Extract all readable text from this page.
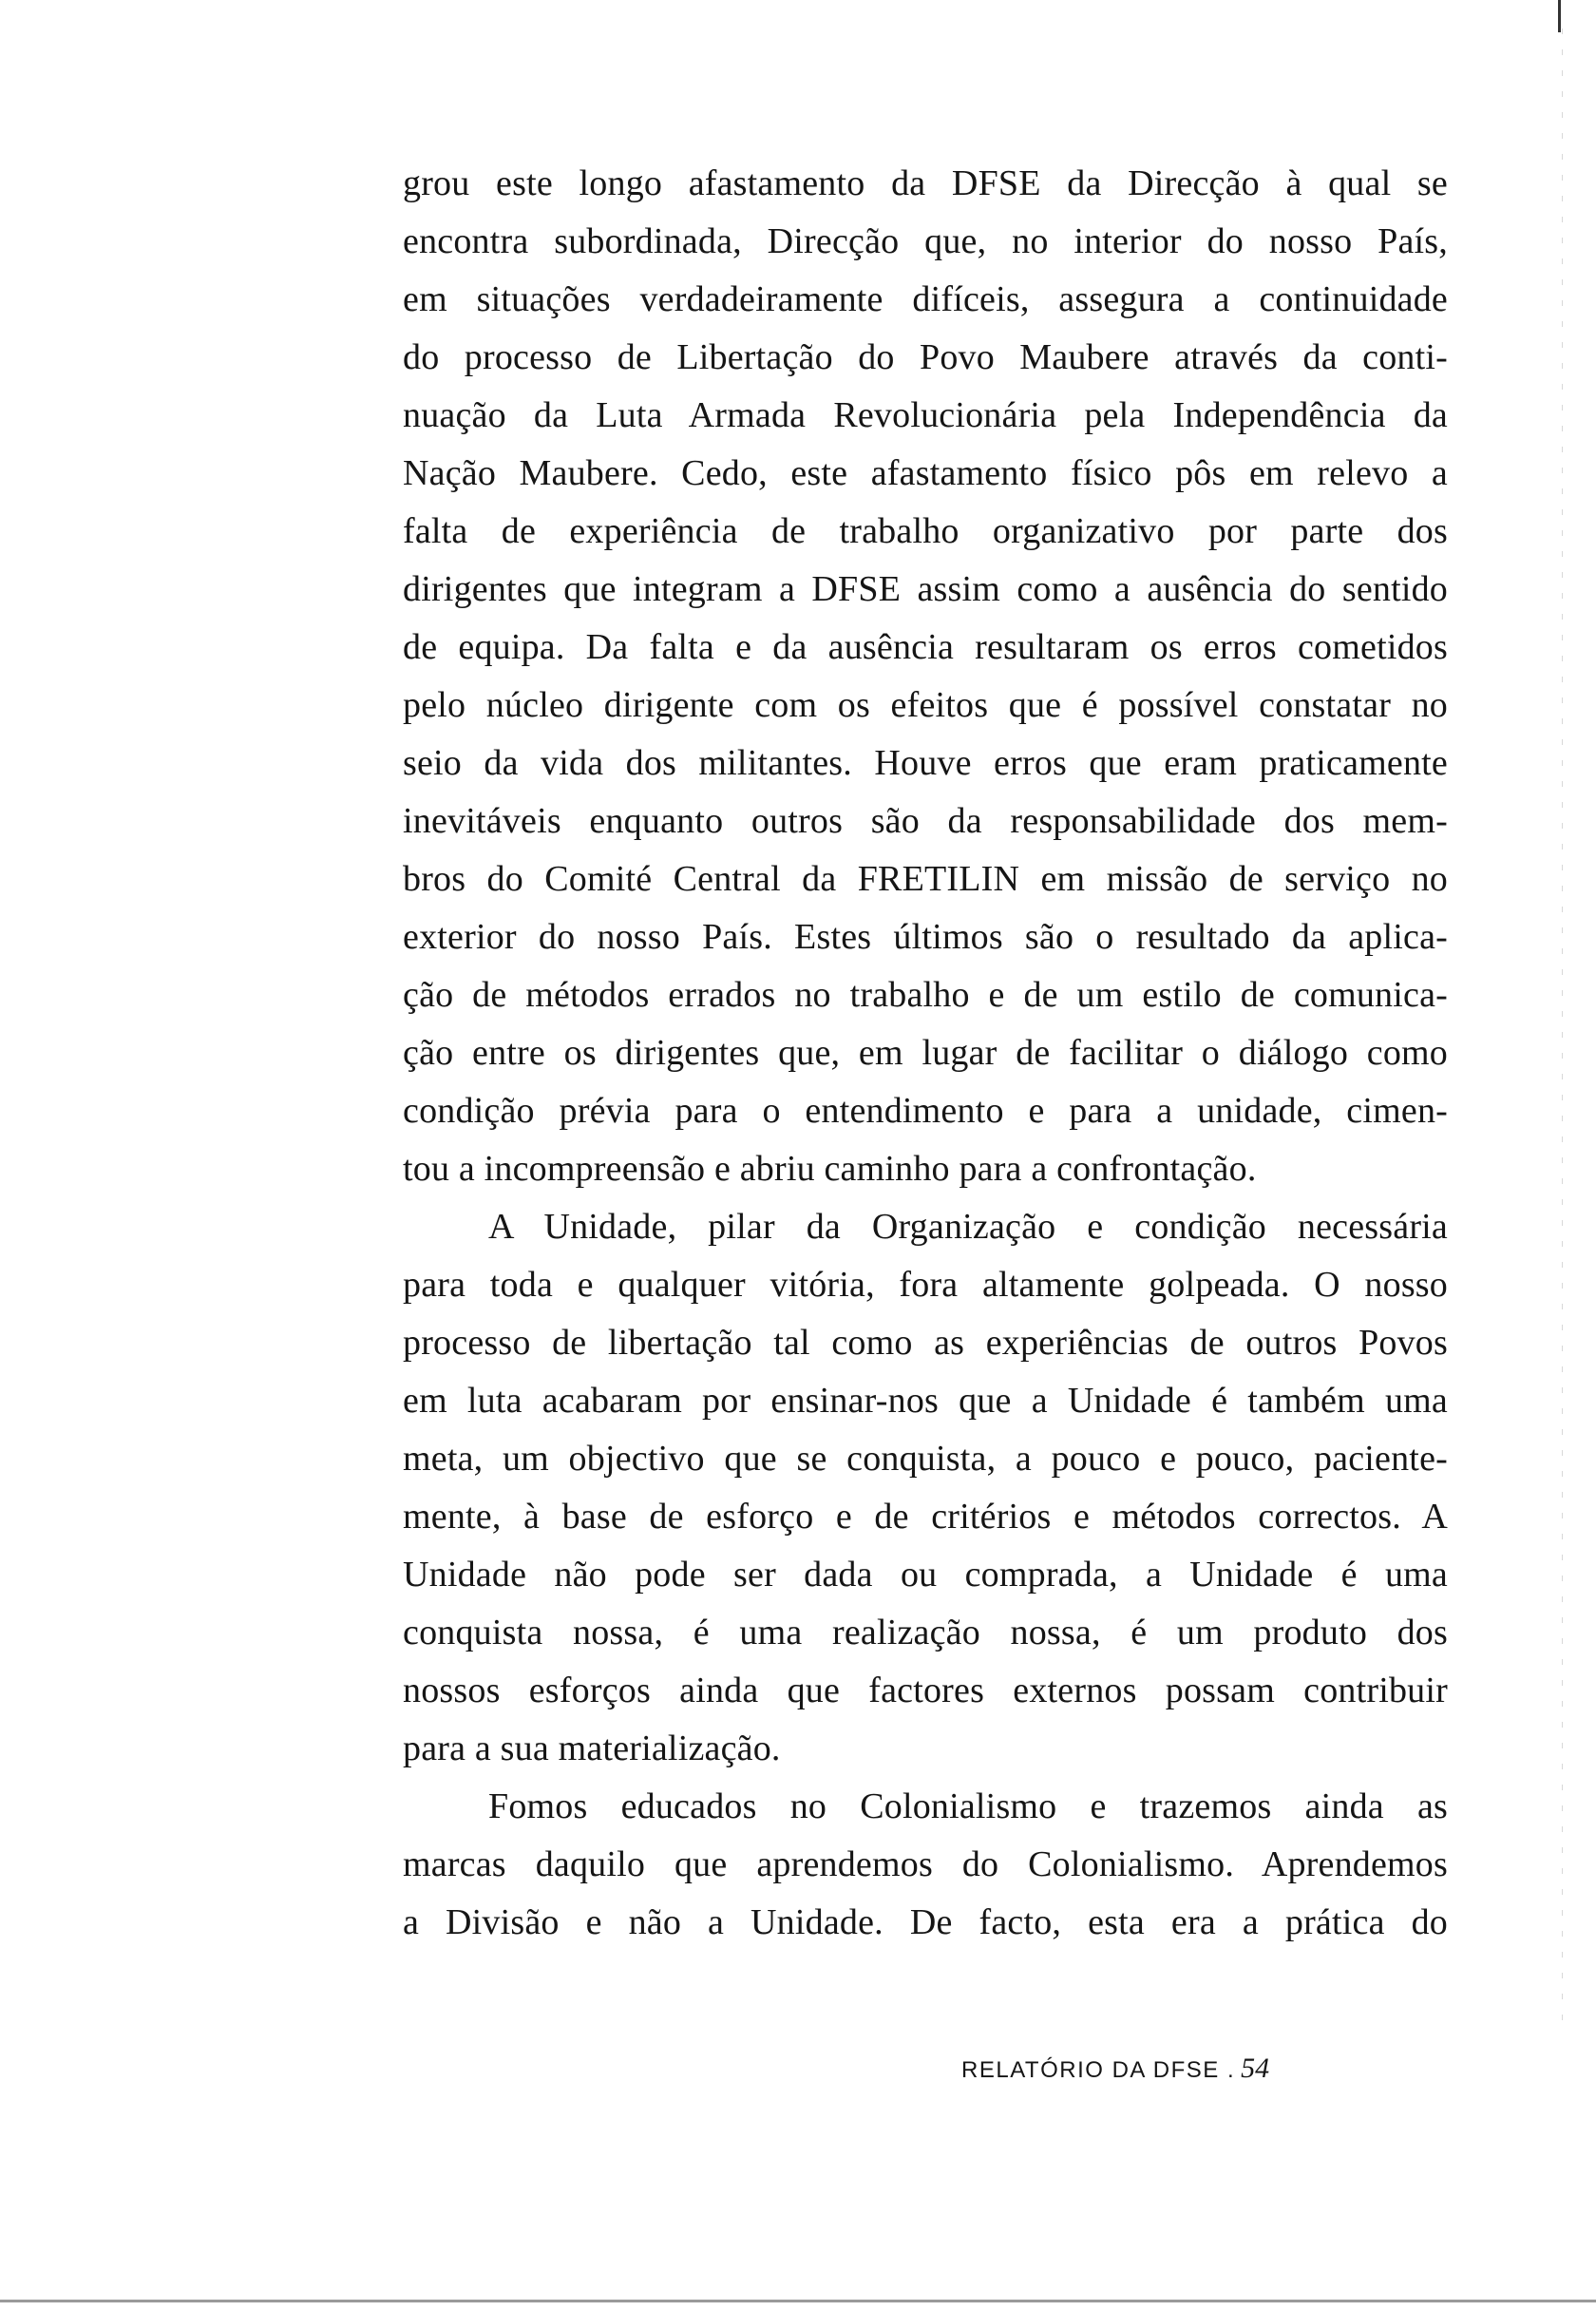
grou este longo afastamento da DFSE da Direcção à qual se
encontra subordinada, Direcção que, no interior do nosso País,
em situações verdadeiramente difíceis, assegura a continuidade
do processo de Libertação do Povo Maubere através da conti-
nuação da Luta Armada Revolucionária pela Independência da
Nação Maubere. Cedo, este afastamento físico pôs em relevo a
falta de experiência de trabalho organizativo por parte dos
dirigentes que integram a DFSE assim como a ausência do sentido
de equipa. Da falta e da ausência resultaram os erros cometidos
pelo núcleo dirigente com os efeitos que é possível constatar no
seio da vida dos militantes. Houve erros que eram praticamente
inevitáveis enquanto outros são da responsabilidade dos mem-
bros do Comité Central da FRETILIN em missão de serviço no
exterior do nosso País. Estes últimos são o resultado da aplica-
ção de métodos errados no trabalho e de um estilo de comunica-
ção entre os dirigentes que, em lugar de facilitar o diálogo como
condição prévia para o entendimento e para a unidade, cimen-
tou a incompreensão e abriu caminho para a confrontação.
A Unidade, pilar da Organização e condição necessária
para toda e qualquer vitória, fora altamente golpeada. O nosso
processo de libertação tal como as experiências de outros Povos
em luta acabaram por ensinar-nos que a Unidade é também uma
meta, um objectivo que se conquista, a pouco e pouco, paciente-
mente, à base de esforço e de critérios e métodos correctos. A
Unidade não pode ser dada ou comprada, a Unidade é uma
conquista nossa, é uma realização nossa, é um produto dos
nossos esforços ainda que factores externos possam contribuir
para a sua materialização.
Fomos educados no Colonialismo e trazemos ainda as
marcas daquilo que aprendemos do Colonialismo. Aprendemos
a Divisão e não a Unidade. De facto, esta era a prática do
RELATÓRIO DA DFSE . 54
